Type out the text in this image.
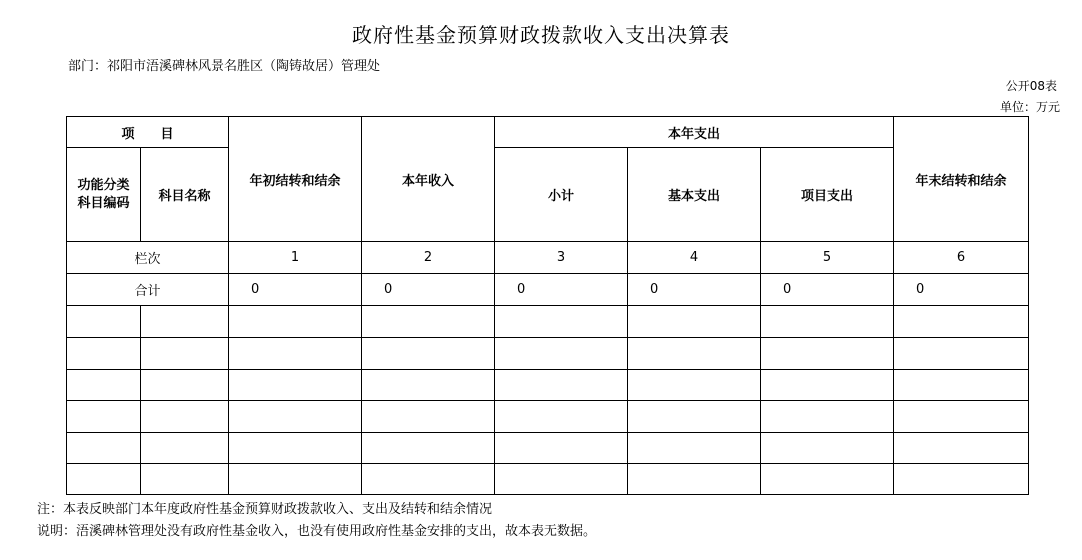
政府性基金预算财政拨款收入支出决算表
部门：祁阳市浯溪碑林风景名胜区（陶铸故居）管理处
公开08表
单位：万元
项　　目		年初结转和结余	本年收入	本年支出			年末结转和结余
功能分类科目编码	科目名称			小计	基本支出	项目支出	
栏次		1	2	3	4	5	6
合计		0	0	0	0	0	0

注：本表反映部门本年度政府性基金预算财政拨款收入、支出及结转和结余情况
说明：浯溪碑林管理处没有政府性基金收入，也没有使用政府性基金安排的支出，故本表无数据。
